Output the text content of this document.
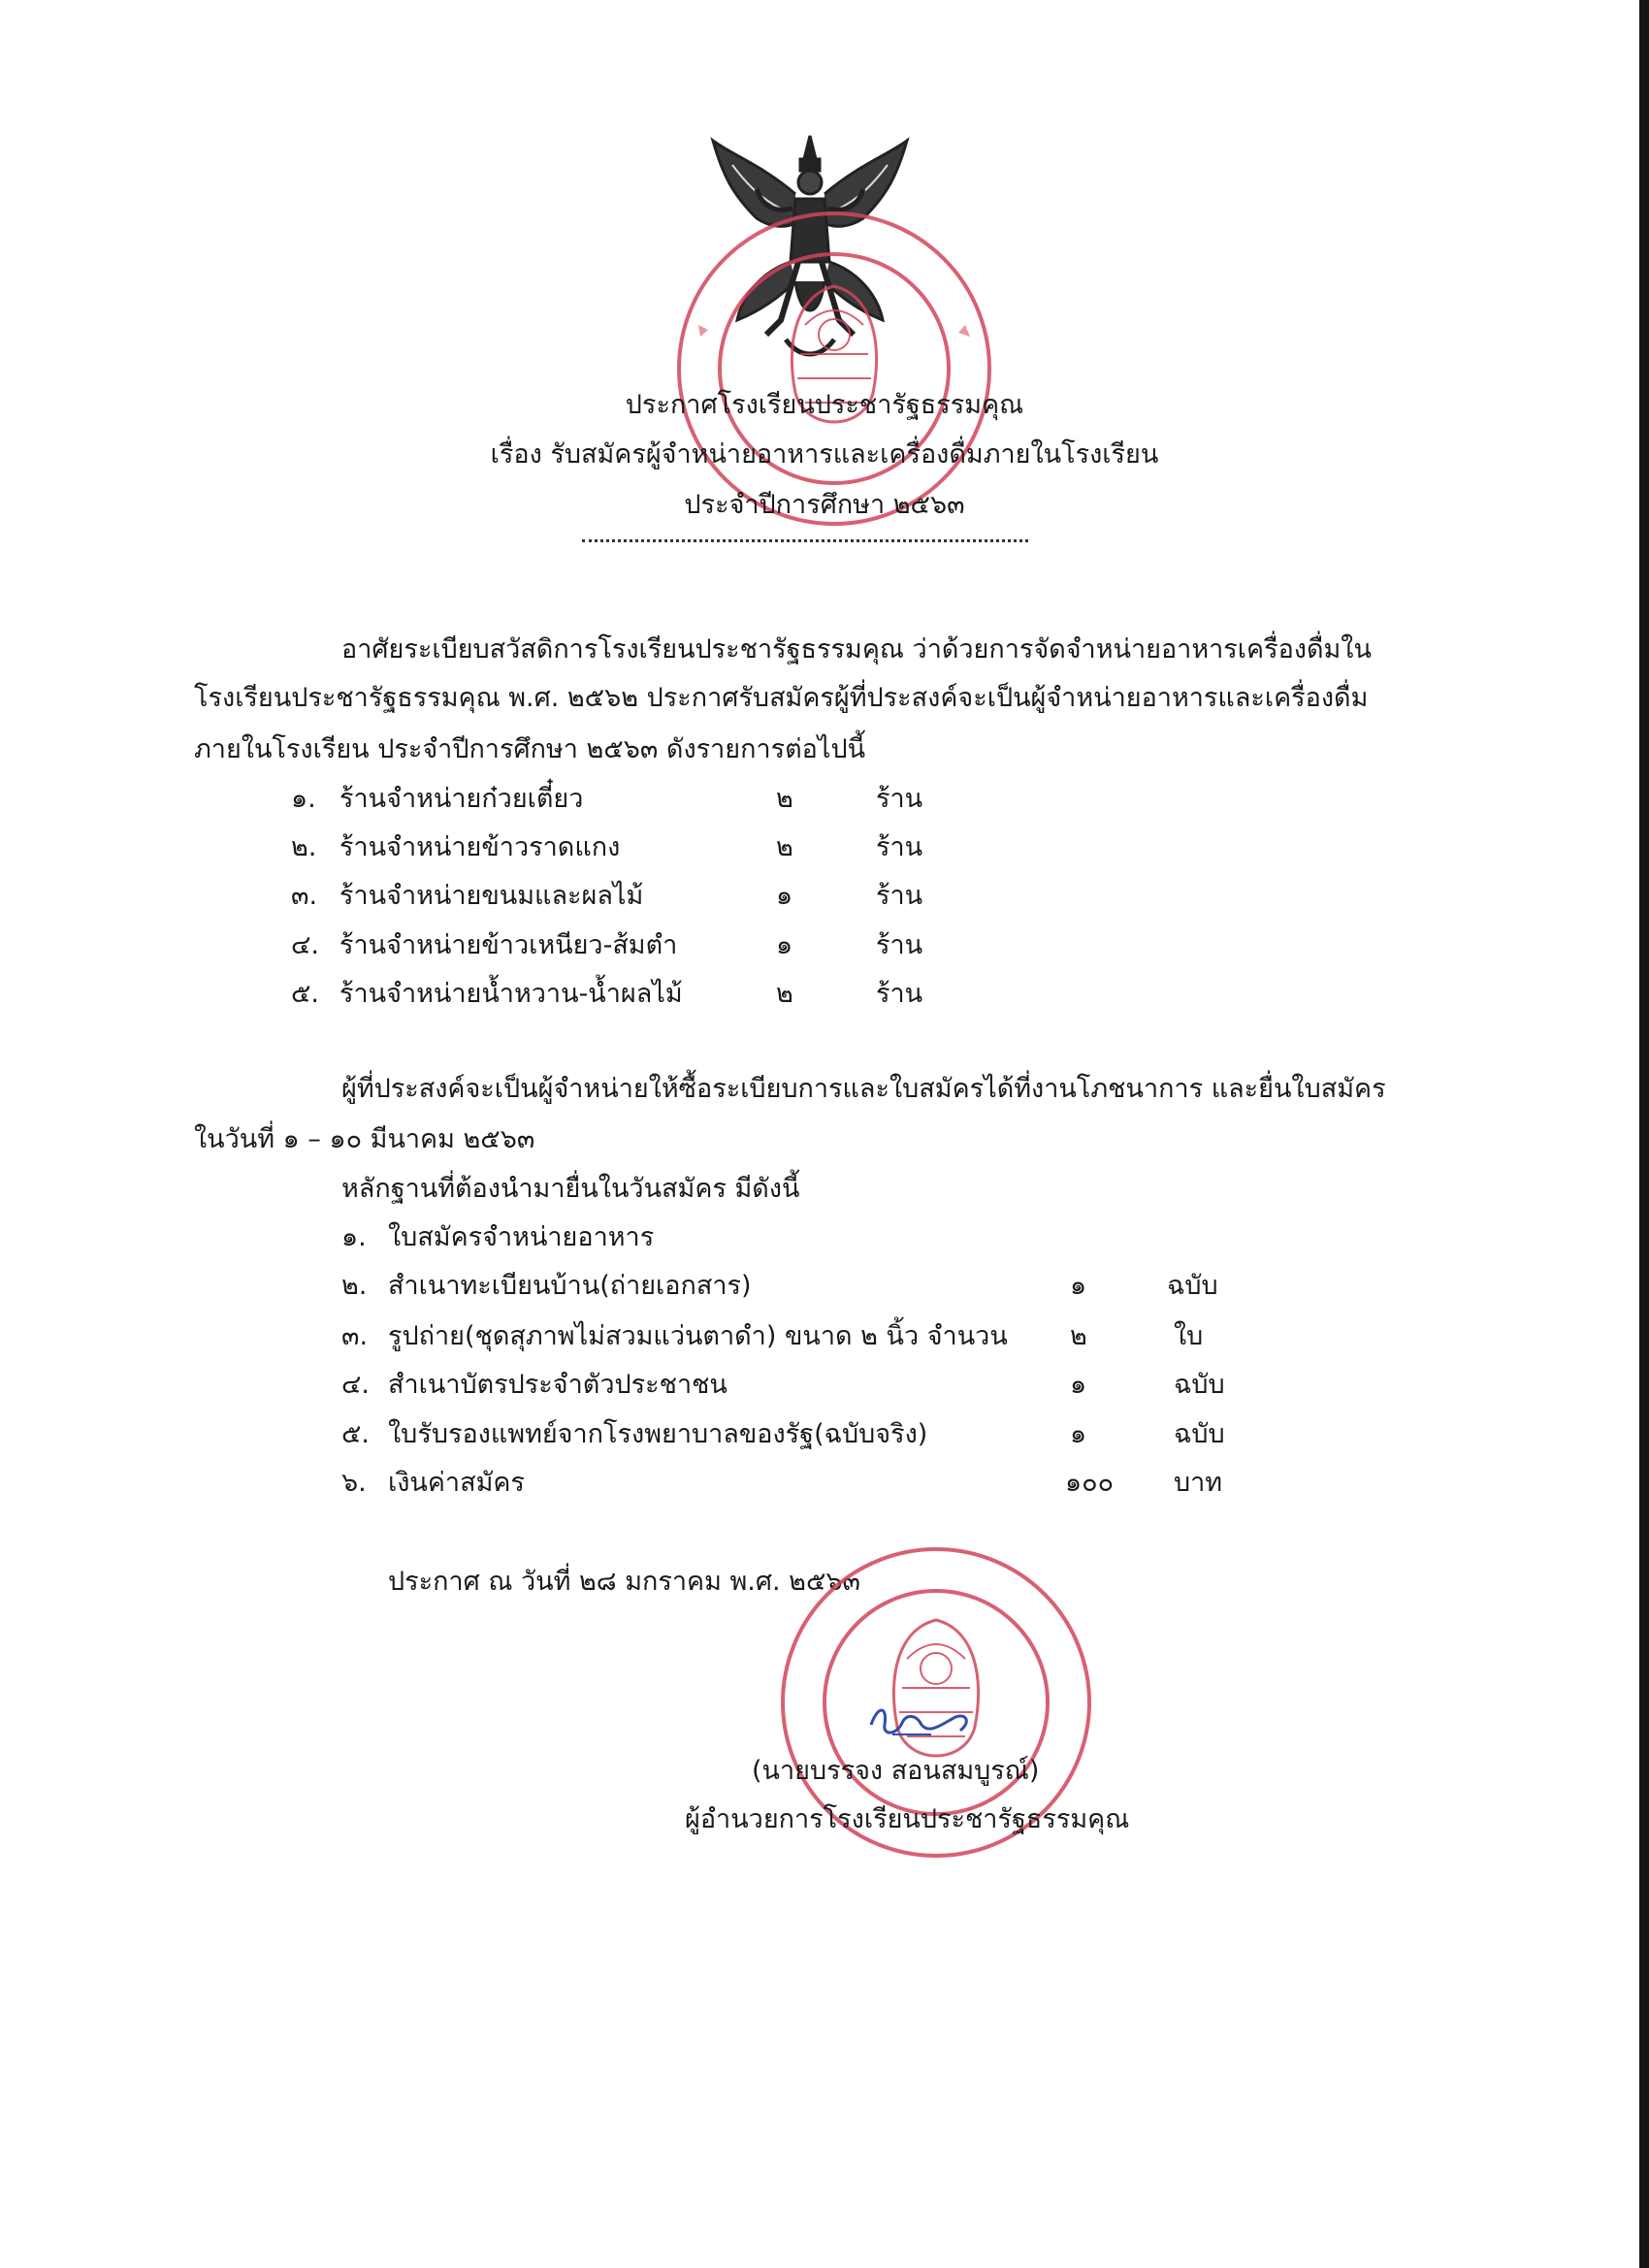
ประกาศโรงเรียนประชารัฐธรรมคุณ
เรื่อง รับสมัครผู้จำหน่ายอาหารและเครื่องดื่มภายในโรงเรียน
ประจำปีการศึกษา ๒๕๖๓
อาศัยระเบียบสวัสดิการโรงเรียนประชารัฐธรรมคุณ ว่าด้วยการจัดจำหน่ายอาหารเครื่องดื่มใน
โรงเรียนประชารัฐธรรมคุณ พ.ศ. ๒๕๖๒ ประกาศรับสมัครผู้ที่ประสงค์จะเป็นผู้จำหน่ายอาหารและเครื่องดื่ม
ภายในโรงเรียน ประจำปีการศึกษา ๒๕๖๓ ดังรายการต่อไปนี้
๑. ร้านจำหน่ายก๋วยเตี๋ยว	๒	ร้าน
๒. ร้านจำหน่ายข้าวราดแกง	๒	ร้าน
๓. ร้านจำหน่ายขนมและผลไม้	๑	ร้าน
๔. ร้านจำหน่ายข้าวเหนียว-ส้มตำ	๑	ร้าน
๕. ร้านจำหน่ายน้ำหวาน-น้ำผลไม้	๒	ร้าน
ผู้ที่ประสงค์จะเป็นผู้จำหน่ายให้ซื้อระเบียบการและใบสมัครได้ที่งานโภชนาการ และยื่นใบสมัคร
ในวันที่ ๑ – ๑๐ มีนาคม ๒๕๖๓
หลักฐานที่ต้องนำมายื่นในวันสมัคร มีดังนี้
๑. ใบสมัครจำหน่ายอาหาร
๒. สำเนาทะเบียนบ้าน(ถ่ายเอกสาร)	๑	ฉบับ
๓. รูปถ่าย(ชุดสุภาพไม่สวมแว่นตาดำ) ขนาด ๒ นิ้ว จำนวน ๒	ใบ
๔. สำเนาบัตรประจำตัวประชาชน	๑	ฉบับ
๕. ใบรับรองแพทย์จากโรงพยาบาลของรัฐ(ฉบับจริง)	๑	ฉบับ
๖. เงินค่าสมัคร	๑๐๐ บาท
ประกาศ ณ วันที่ ๒๘ มกราคม พ.ศ. ๒๕๖๓
(นายบรรจง สอนสมบูรณ์)
ผู้อำนวยการโรงเรียนประชารัฐธรรมคุณ
